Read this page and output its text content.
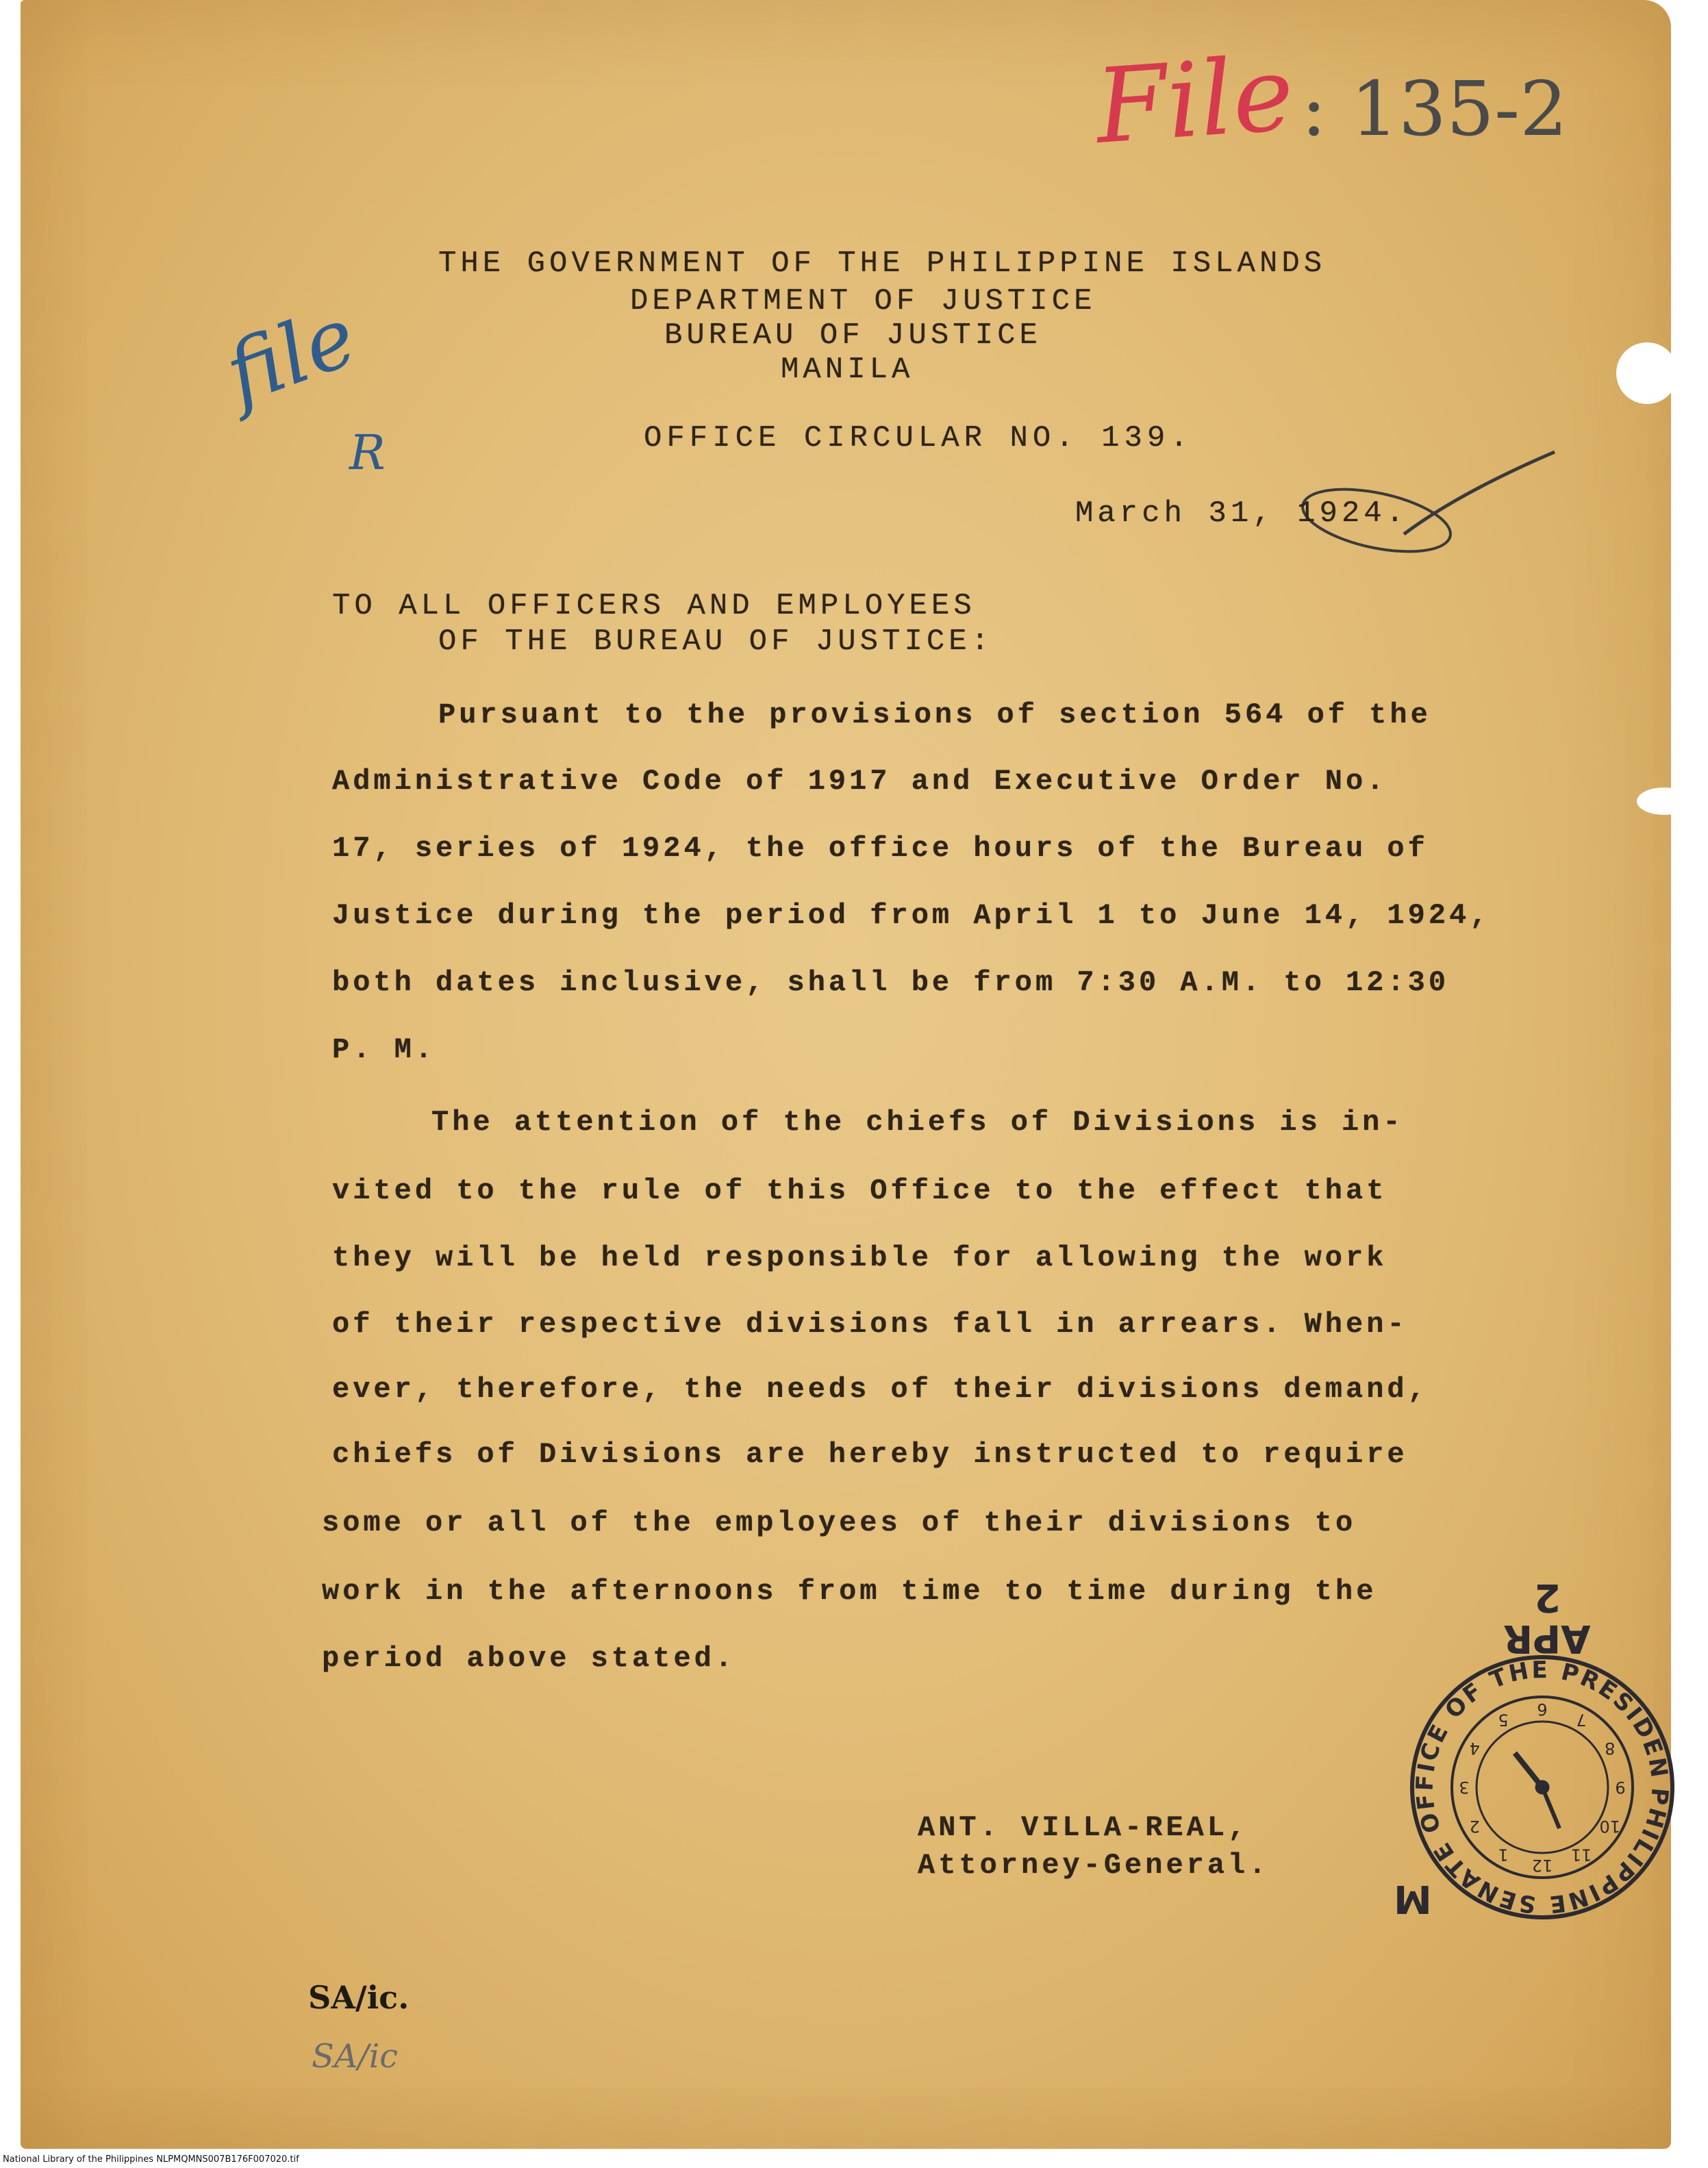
File : 135-2
file
R
THE GOVERNMENT OF THE PHILIPPINE ISLANDS
DEPARTMENT OF JUSTICE
BUREAU OF JUSTICE
MANILA
OFFICE CIRCULAR NO. 139.
March 31, 1924.
TO ALL OFFICERS AND EMPLOYEES
OF THE BUREAU OF JUSTICE:
Pursuant to the provisions of section 564 of the
Administrative Code of 1917 and Executive Order No.
17, series of 1924, the office hours of the Bureau of
Justice during the period from April 1 to June 14, 1924,
both dates inclusive, shall be from 7:30 A.M. to 12:30
P. M.
The attention of the chiefs of Divisions is in-
vited to the rule of this Office to the effect that
they will be held responsible for allowing the work
of their respective divisions fall in arrears. When-
ever, therefore, the needs of their divisions demand,
chiefs of Divisions are hereby instructed to require
some or all of the employees of their divisions to
work in the afternoons from time to time during the
period above stated.
ANT. VILLA-REAL,
Attorney-General.
SA/ic.
SA/ic
12
1
2
3
4
5
6
7
8
9
10
11
PHILIPPINE SENATE OFFICE OF THE PRESIDEN
APR
2
M
National Library of the Philippines NLPMQMNS007B176F007020.tif
